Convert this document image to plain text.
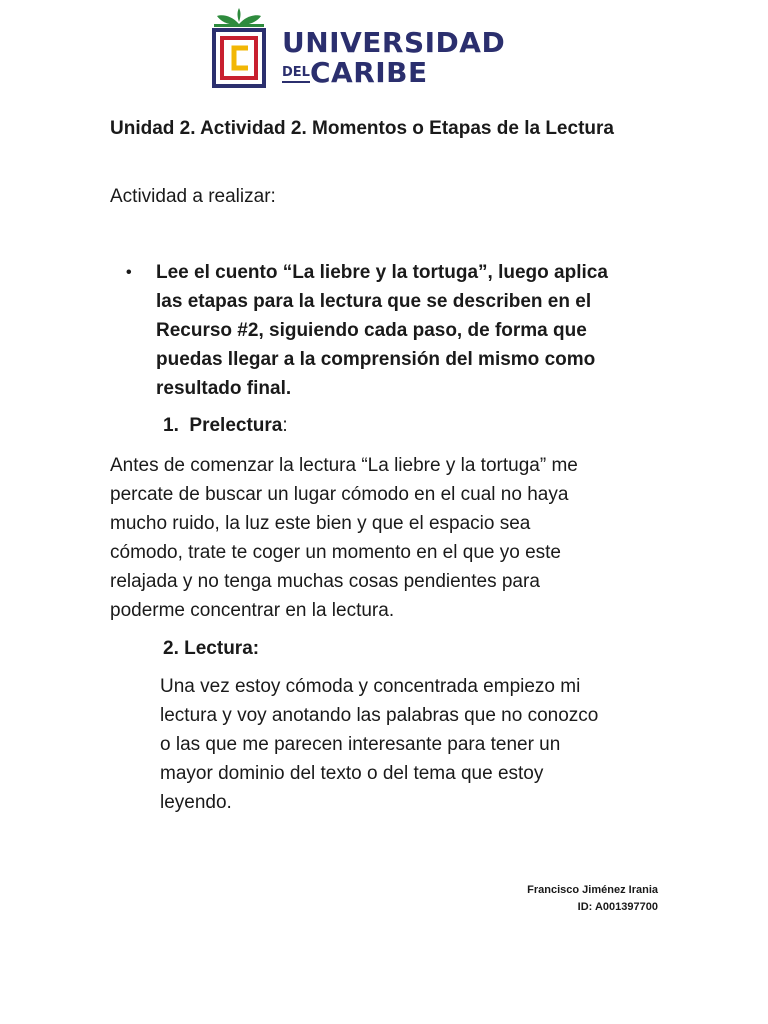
UNIVERSIDAD
$^{DEL}$CARIBE

Unidad 2. Actividad 2. Momentos o Etapas de la Lectura

Actividad a realizar:

• Lee el cuento “La liebre y la tortuga”, luego aplica
las etapas para la lectura que se describen en el
Recurso #2, siguiendo cada paso, de forma que
puedas llegar a la comprensión del mismo como
resultado final.

1. Prelectura:

Antes de comenzar la lectura “La liebre y la tortuga” me
percate de buscar un lugar cómodo en el cual no haya
mucho ruido, la luz este bien y que el espacio sea
cómodo, trate te coger un momento en el que yo este
relajada y no tenga muchas cosas pendientes para
poderme concentrar en la lectura.

2. Lectura:

Una vez estoy cómoda y concentrada empiezo mi
lectura y voy anotando las palabras que no conozco
o las que me parecen interesante para tener un
mayor dominio del texto o del tema que estoy
leyendo.
Francisco Jiménez Irania
ID: A001397700
